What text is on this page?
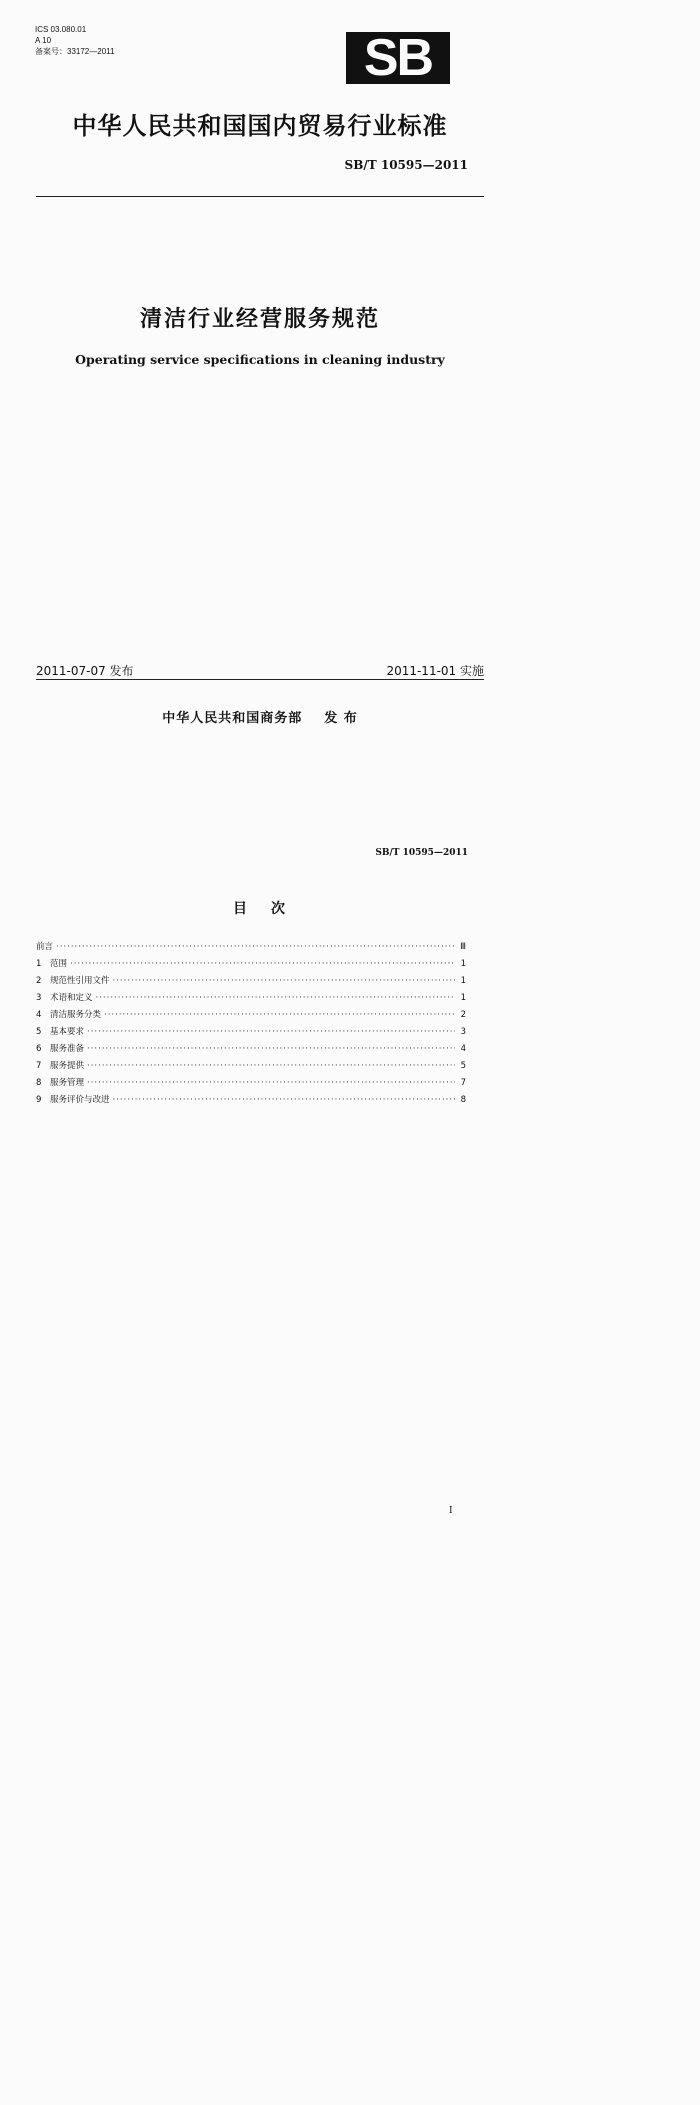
ICS 03.080.01
A 10
备案号：33172—2011	SB
中华人民共和国国内贸易行业标准
SB/T 10595—2011
清洁行业经营服务规范
Operating service specifications in cleaning industry
2011-07-07 发布	2011-11-01 实施
中华人民共和国商务部 发 布
SB/T 10595—2011
目 次
前言 ·····	Ⅲ
1	范围 ·····	1
2	规范性引用文件 ·····	1
3	术语和定义 ·····	1
4	清洁服务分类 ·····	2
5	基本要求 ·····	3
6	服务准备 ·····	4
7	服务提供 ·····	5
8	服务管理 ·····	7
9	服务评价与改进 ·····	8
I
